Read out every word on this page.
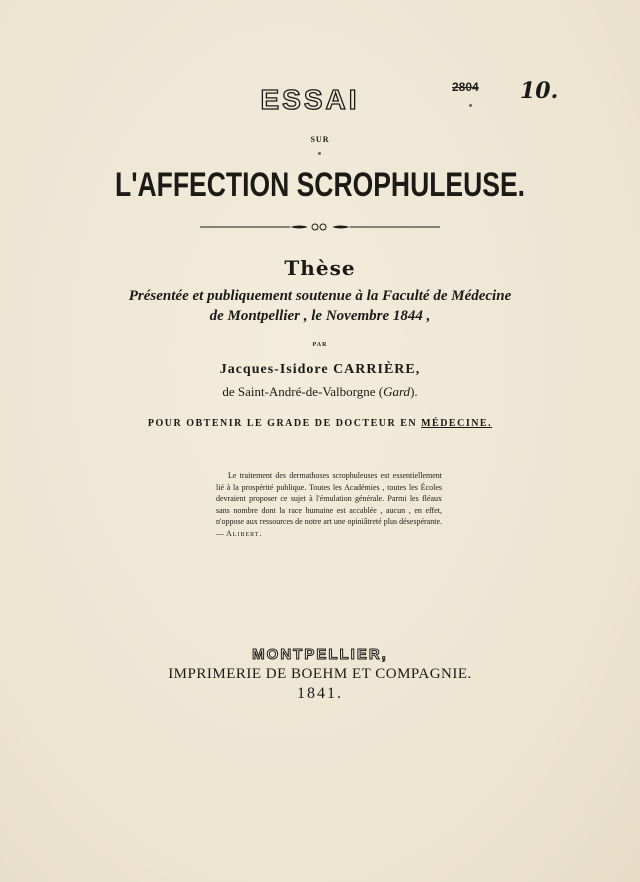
ESSAI	2804	10.
SUR
L'AFFECTION SCROPHULEUSE.
Thèse
Présentée et publiquement soutenue à la Faculté de Médecine
de Montpellier , le Novembre 1844 ,
PAR
Jacques-Isidore CARRIÈRE,
de Saint-André-de-Valborgne (Gard).
POUR OBTENIR LE GRADE DE DOCTEUR EN MÉDECINE.
Le traitement des dermathoses scrophuleuses est essentiellement lié à la prospérité publique. Toutes les Académies , toutes les Écoles devraient proposer ce sujet à l'émulation générale. Parmi les fléaux sans nombre dont la race humaine est accablée , aucun , en effet, n'oppose aux ressources de notre art une opiniâtreté plus désespérante. — Alibert.
MONTPELLIER,
IMPRIMERIE DE BOEHM ET COMPAGNIE.
1841.
